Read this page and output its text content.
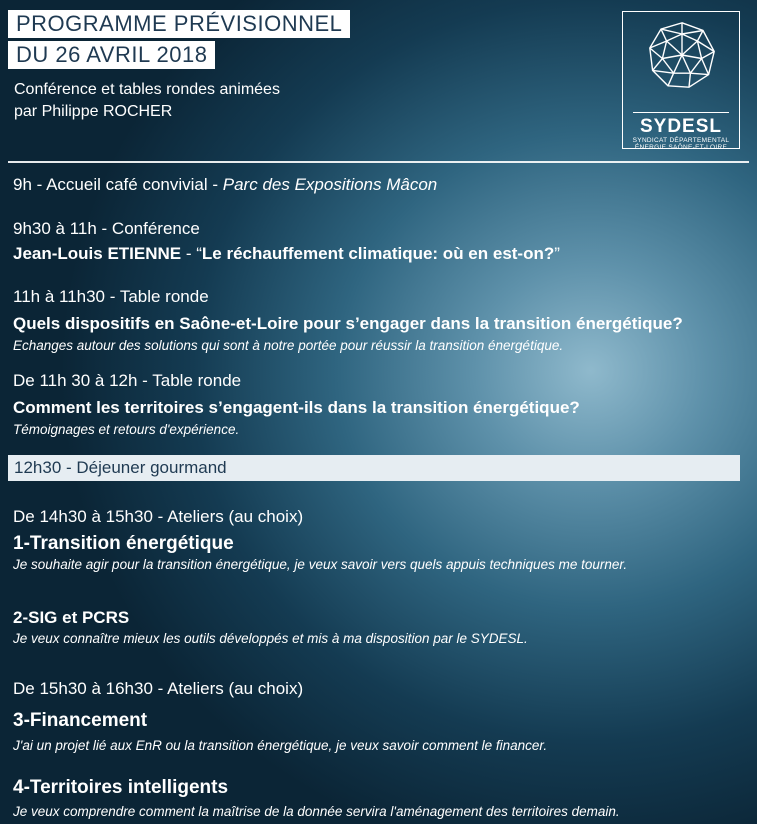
PROGRAMME PRÉVISIONNEL
DU 26 AVRIL 2018
Conférence et tables rondes animées
par Philippe ROCHER
SYDESL
SYNDICAT DÉPARTEMENTAL
ÉNERGIE SAÔNE-ET-LOIRE
9h - Accueil café convivial - Parc des Expositions Mâcon
9h30 à 11h - Conférence
Jean-Louis ETIENNE - “Le réchauffement climatique: où en est-on?”
11h à 11h30 - Table ronde
Quels dispositifs en Saône-et-Loire pour s’engager dans la transition énergétique?
Echanges autour des solutions qui sont à notre portée pour réussir la transition énergétique.
De 11h 30 à 12h - Table ronde
Comment les territoires s’engagent-ils dans la transition énergétique?
Témoignages et retours d'expérience.
12h30 - Déjeuner gourmand
De 14h30 à 15h30 - Ateliers (au choix)
1-Transition énergétique
Je souhaite agir pour la transition énergétique, je veux savoir vers quels appuis techniques me tourner.
2-SIG et PCRS
Je veux connaître mieux les outils développés et mis à ma disposition par le SYDESL.
De 15h30 à 16h30 - Ateliers (au choix)
3-Financement
J'ai un projet lié aux EnR ou la transition énergétique, je veux savoir comment le financer.
4-Territoires intelligents
Je veux comprendre comment la maîtrise de la donnée servira l'aménagement des territoires demain.
